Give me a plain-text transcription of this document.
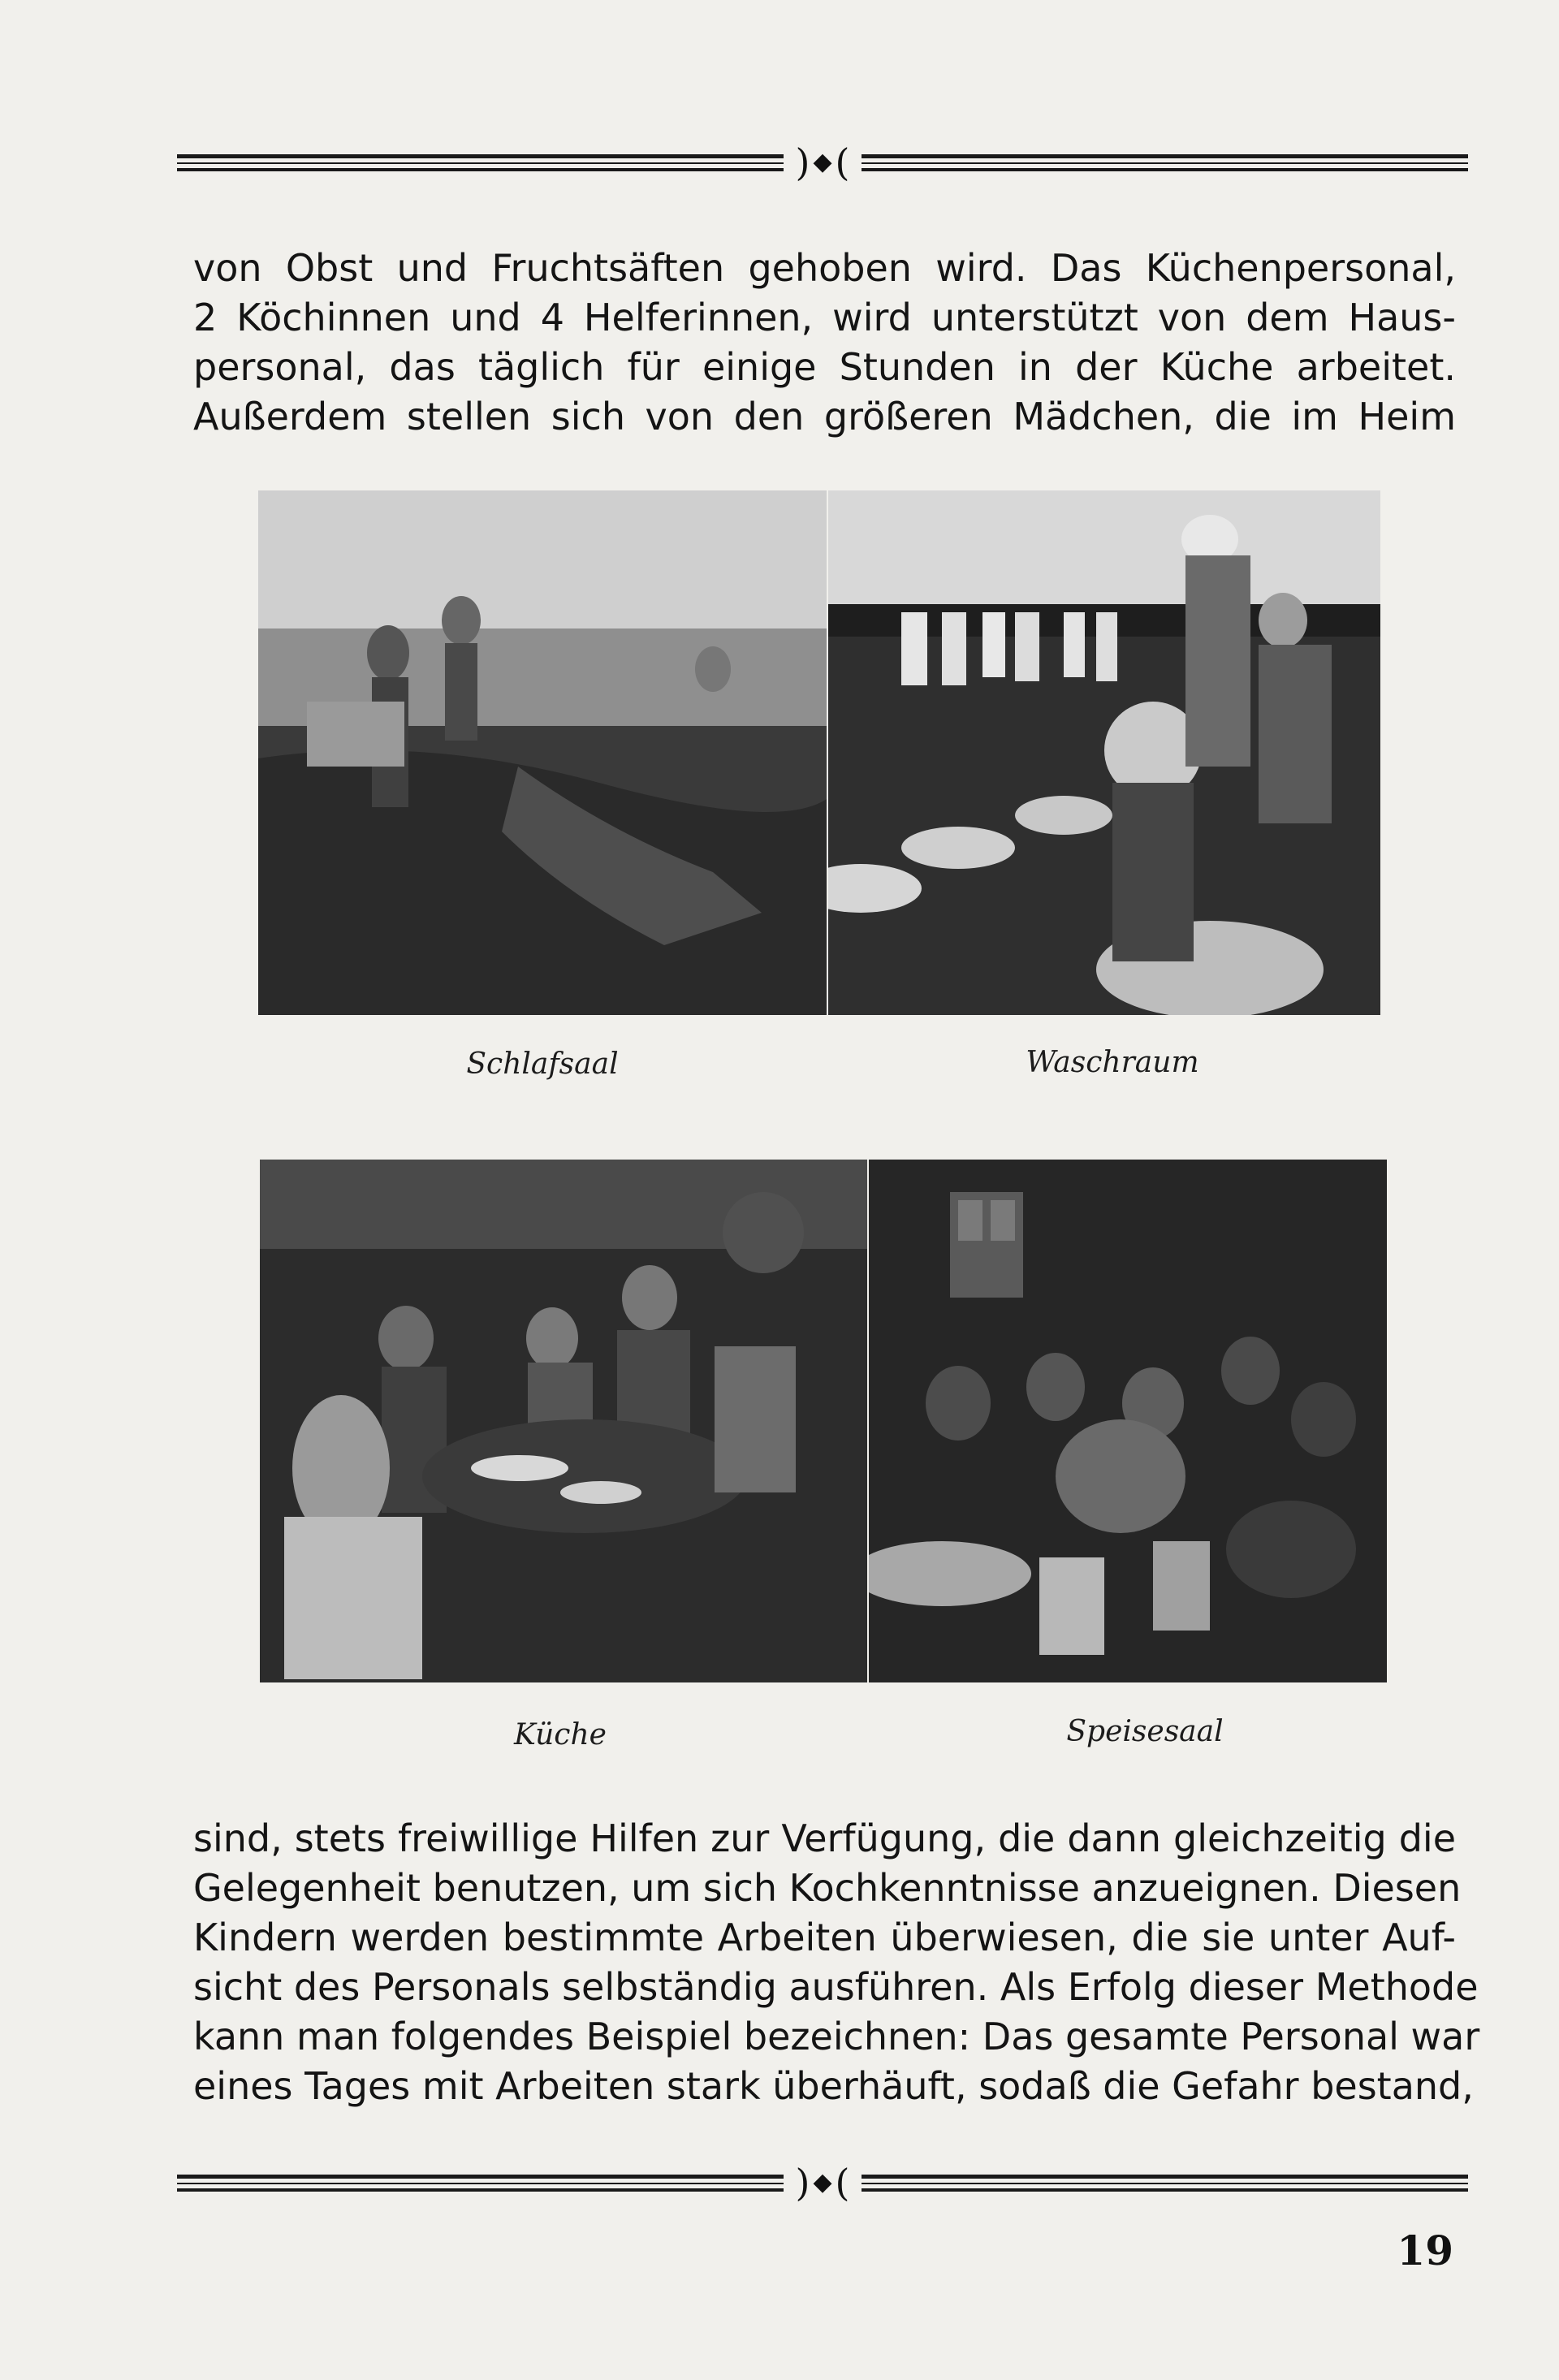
) ◆ (

von Obst und Fruchtsäften gehoben wird. Das Küchenpersonal,
2 Köchinnen und 4 Helferinnen, wird unterstützt von dem Haus-
personal, das täglich für einige Stunden in der Küche arbeitet.
Außerdem stellen sich von den größeren Mädchen, die im Heim

Schlafsaal	Waschraum
Küche	Speisesaal

sind, stets freiwillige Hilfen zur Verfügung, die dann gleichzeitig die
Gelegenheit benutzen, um sich Kochkenntnisse anzueignen. Diesen
Kindern werden bestimmte Arbeiten überwiesen, die sie unter Auf-
sicht des Personals selbständig ausführen. Als Erfolg dieser Methode
kann man folgendes Beispiel bezeichnen: Das gesamte Personal war
eines Tages mit Arbeiten stark überhäuft, sodaß die Gefahr bestand,

) ◆ (
19
